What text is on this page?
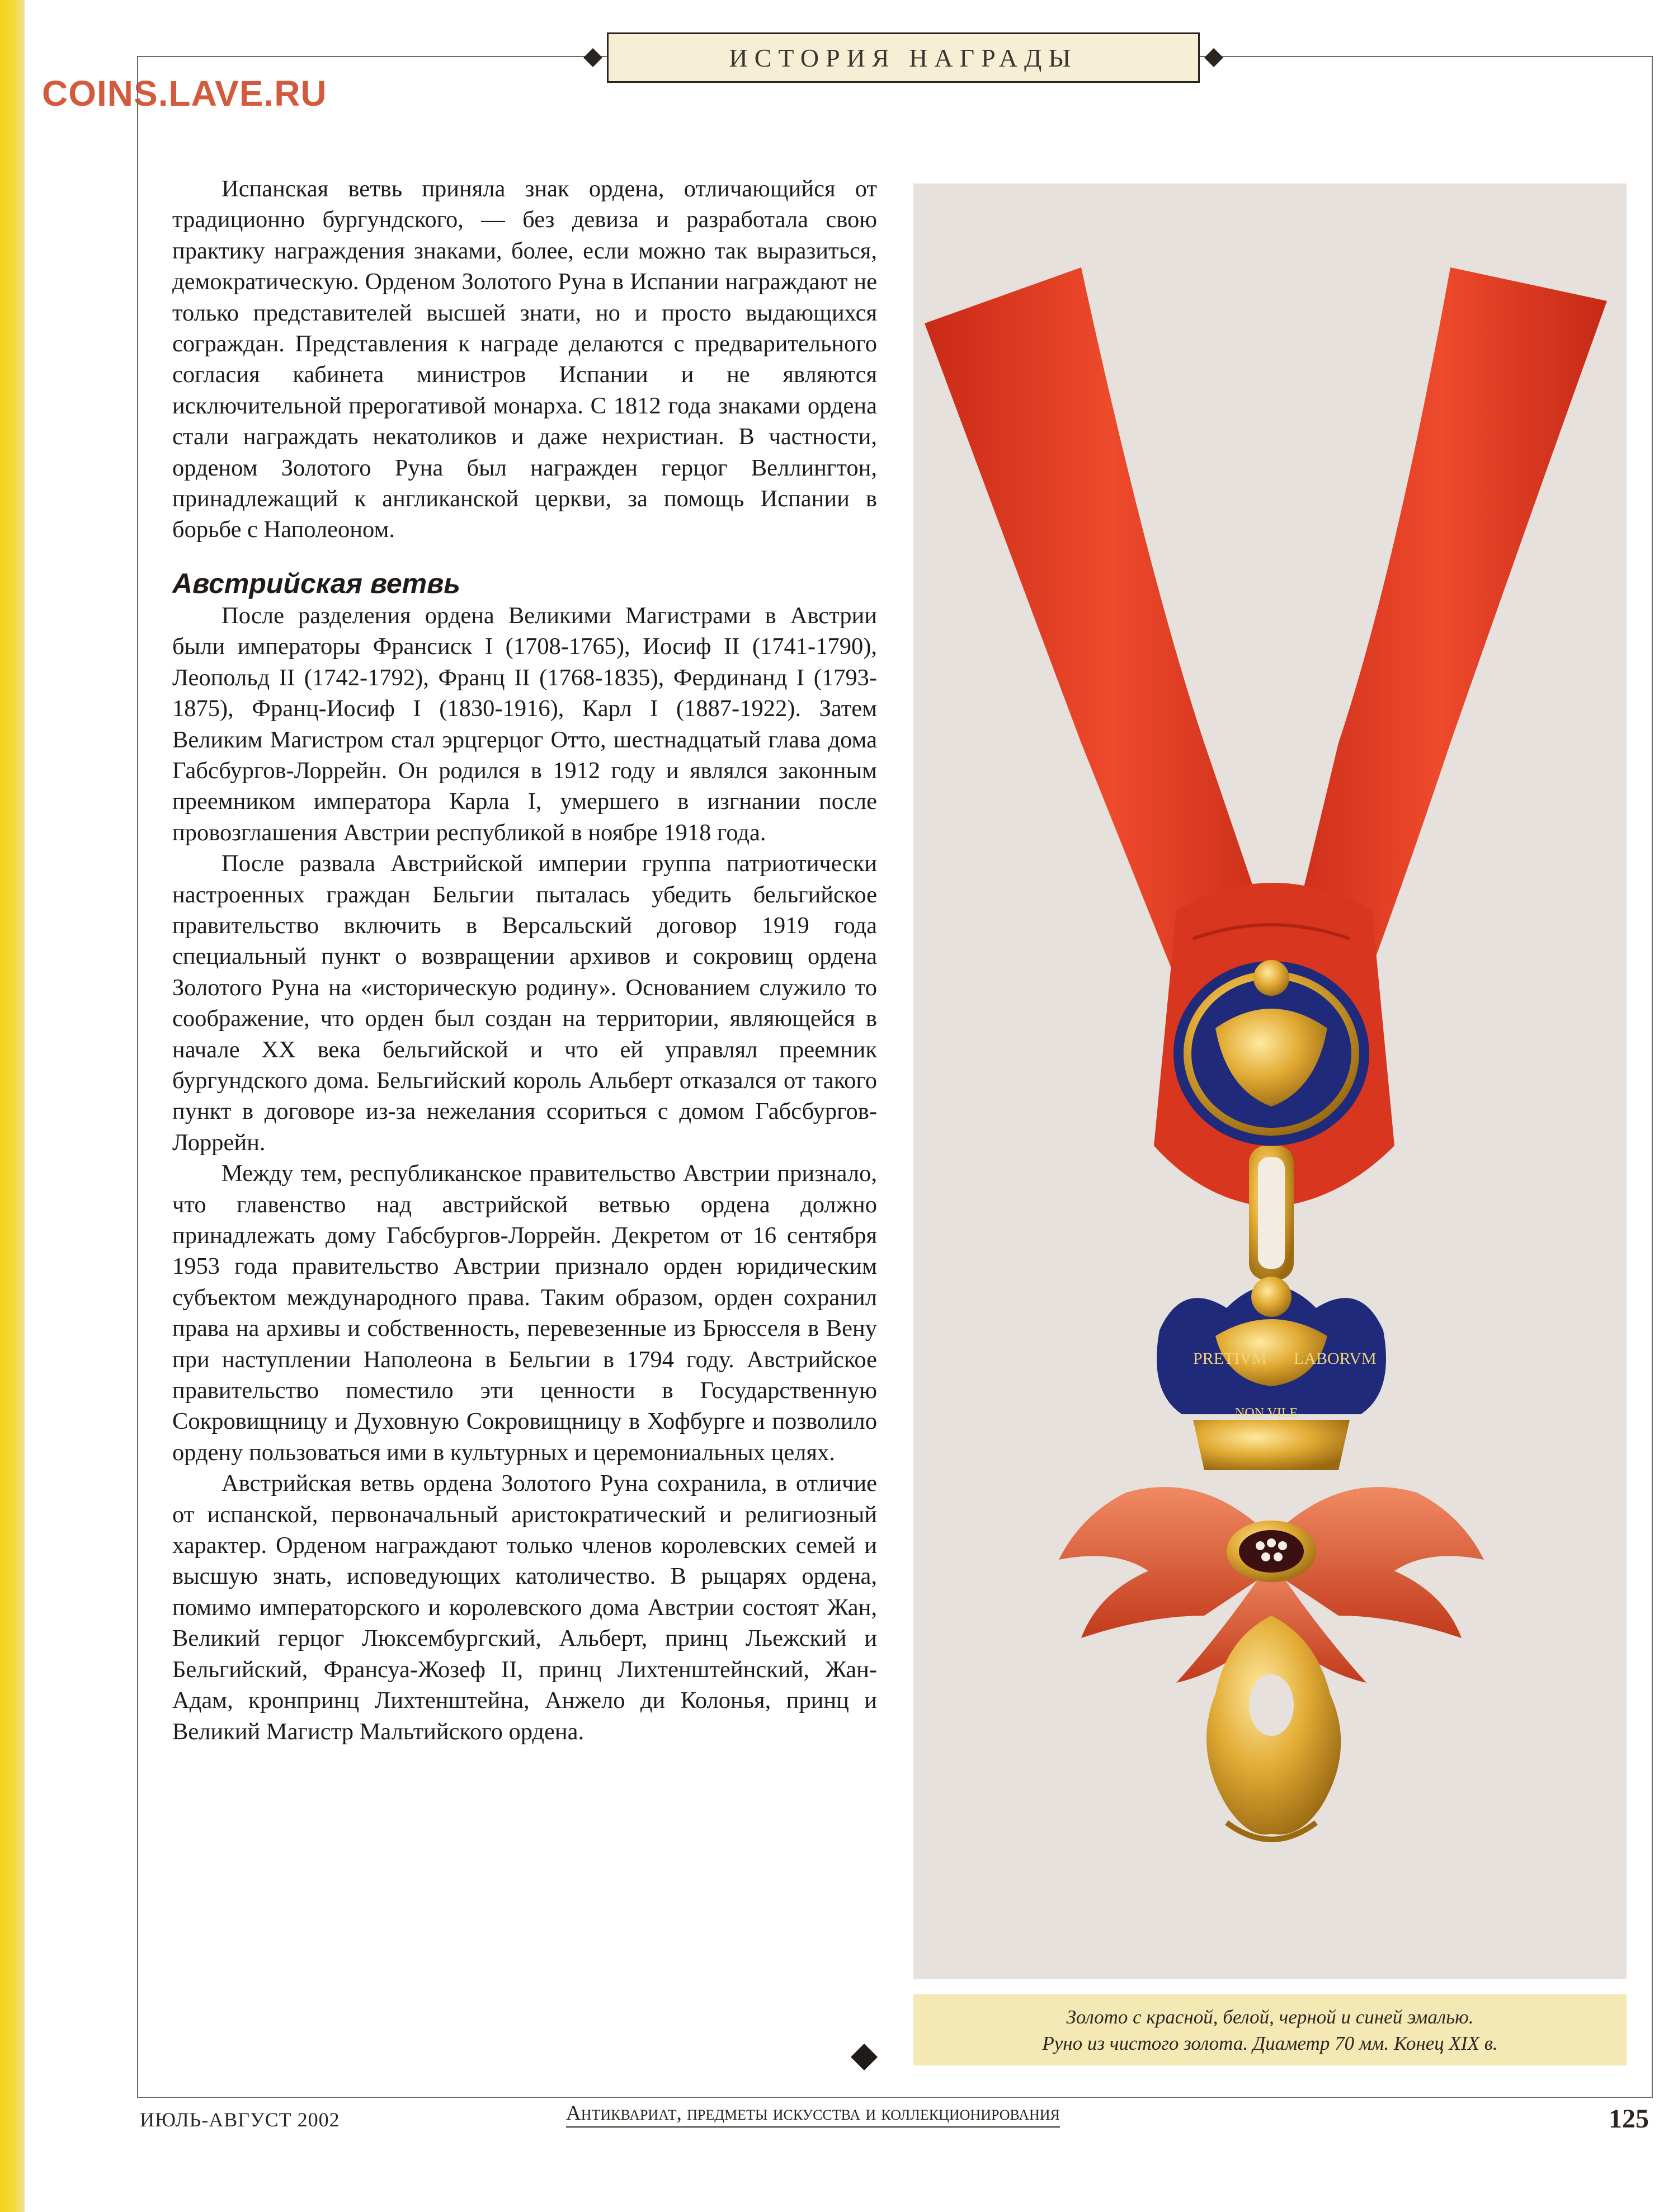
COINS.LAVE.RU
ИСТОРИЯ НАГРАДЫ

Испанская ветвь приняла знак ордена, отличающийся от традиционно бургундского, — без девиза и разработала свою практику награждения знаками, более, если можно так выразиться, демократическую. Орденом Золотого Руна в Испании награждают не только представителей высшей знати, но и просто выдающихся сограждан. Представления к награде делаются с предварительного согласия кабинета министров Испании и не являются исключительной прерогативой монарха. С 1812 года знаками ордена стали награждать некатоликов и даже нехристиан. В частности, орденом Золотого Руна был награжден герцог Веллингтон, принадлежащий к англиканской церкви, за помощь Испании в борьбе с Наполеоном.

Австрийская ветвь

После разделения ордена Великими Магистрами в Австрии были императоры Франсиск I (1708-1765), Иосиф II (1741-1790), Леопольд II (1742-1792), Франц II (1768-1835), Фердинанд I (1793-1875), Франц-Иосиф I (1830-1916), Карл I (1887-1922). Затем Великим Магистром стал эрцгерцог Отто, шестнадцатый глава дома Габсбургов-Лоррейн. Он родился в 1912 году и являлся законным преемником императора Карла I, умершего в изгнании после провозглашения Австрии республикой в ноябре 1918 года.

После развала Австрийской империи группа патриотически настроенных граждан Бельгии пыталась убедить бельгийское правительство включить в Версальский договор 1919 года специальный пункт о возвращении архивов и сокровищ ордена Золотого Руна на «историческую родину». Основанием служило то соображение, что орден был создан на территории, являющейся в начале XX века бельгийской и что ей управлял преемник бургундского дома. Бельгийский король Альберт отказался от такого пункт в договоре из-за нежелания ссориться с домом Габсбургов-Лоррейн.

Между тем, республиканское правительство Австрии признало, что главенство над австрийской ветвью ордена должно принадлежать дому Габсбургов-Лоррейн. Декретом от 16 сентября 1953 года правительство Австрии признало орден юридическим субъектом международного права. Таким образом, орден сохранил права на архивы и собственность, перевезенные из Брюсселя в Вену при наступлении Наполеона в Бельгии в 1794 году. Австрийское правительство поместило эти ценности в Государственную Сокровищницу и Духовную Сокровищницу в Хофбурге и позволило ордену пользоваться ими в культурных и церемониальных целях.

Австрийская ветвь ордена Золотого Руна сохранила, в отличие от испанской, первоначальный аристократический и религиозный характер. Орденом награждают только членов королевских семей и высшую знать, исповедующих католичество. В рыцарях ордена, помимо императорского и королевского дома Австрии состоят Жан, Великий герцог Люксембургский, Альберт, принц Льежский и Бельгийский, Франсуа-Жозеф II, принц Лихтенштейнский, Жан-Адам, кронпринц Лихтенштейна, Анжело ди Колонья, принц и Великий Магистр Мальтийского ордена.

PRETIVM LABORVM
NON VILE
Золото с красной, белой, черной и синей эмалью.
Руно из чистого золота. Диаметр 70 мм. Конец XIX в.
ИЮЛЬ-АВГУСТ 2002	Антиквариат, предметы искусства и коллекционирования	125
